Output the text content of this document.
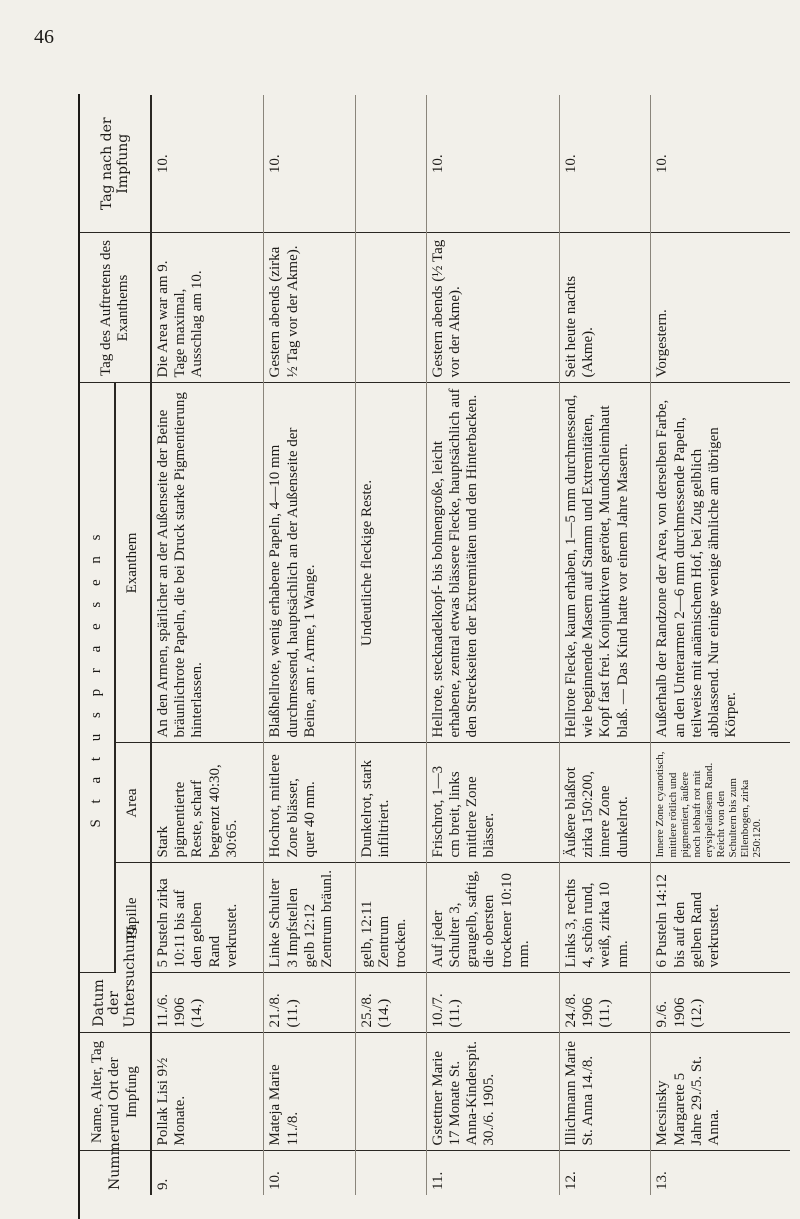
46
Nummer	Name, Alter, Tag und Ort der Impfung	Datum der Untersuchung	S t a t u s p r a e s e n s			Tag des Auftretens des Exanthems	Tag nach der Impfung
			Papille	Area	Exanthem		
9.	Pollak Lisi 9½ Monate.	11./6. 1906 (14.)	5 Pusteln zirka 10:11 bis auf den gelben Rand verkrustet.	Stark pigmentierte Reste, scharf begrenzt 40:30, 30:65.	An den Armen, spärlicher an der Außenseite der Beine bräunlichrote Papeln, die bei Druck starke Pigmentierung hinterlassen.	Die Area war am 9. Tage maximal, Ausschlag am 10.	10.
10.	Mateja Marie 11./8.	21./8. (11.)	Linke Schulter 3 Impfstellen gelb 12:12 Zentrum bräunl.	Hochrot, mittlere Zone blässer, quer 40 mm.	Blaßhellrote, wenig erhabene Papeln, 4—10 mm durchmessend, hauptsächlich an der Außenseite der Beine, am r. Arme, 1 Wange.	Gestern abends (zirka ½ Tag vor der Akme).	10.
		25./8. (14.)	gelb, 12:11 Zentrum trocken.	Dunkelrot, stark infiltriert.	Undeutliche fleckige Reste.		
11.	Gstettner Marie 17 Monate St. Anna-Kinderspit. 30./6. 1905.	10./7. (11.)	Auf jeder Schulter 3, graugelb, saftig, die obersten trockener 10:10 mm.	Frischrot, 1—3 cm breit, links mittlere Zone blässer.	Hellrote, stecknadelkopf- bis bohnengroße, leicht erhabene, zentral etwas blässere Flecke, hauptsächlich auf den Streckseiten der Extremitäten und den Hinterbacken.	Gestern abends (½ Tag vor der Akme).	10.
12.	Illichmann Marie St. Anna 14./8.	24./8. 1906 (11.)	Links 3, rechts 4, schön rund, weiß, zirka 10 mm.	Äußere blaßrot zirka 150:200, innere Zone dunkelrot.	Hellrote Flecke, kaum erhaben, 1—5 mm durchmessend, wie beginnende Masern auf Stamm und Extremitäten, Kopf fast frei. Konjunktiven gerötet, Mundschleimhaut blaß. — Das Kind hatte vor einem Jahre Masern.	Seit heute nachts (Akme).	10.
13.	Mecsinsky Margarete 5 Jahre 29./5. St. Anna.	9./6. 1906 (12.)	6 Pusteln 14:12 bis auf den gelben Rand verkrustet.	Innere Zone cyanotisch, mittlere rötlich und pigmentiert, äußere noch lebhaft rot mit erysipelatösem Rand. Reicht von den Schultern bis zum Ellenbogen, zirka 250:120.	Außerhalb der Randzone der Area, von derselben Farbe, an den Unterarmen 2—6 mm durchmessende Papeln, teilweise mit anämischem Hof, bei Zug gelblich abblassend. Nur einige wenige ähnliche am übrigen Körper.	Vorgestern.	10.
